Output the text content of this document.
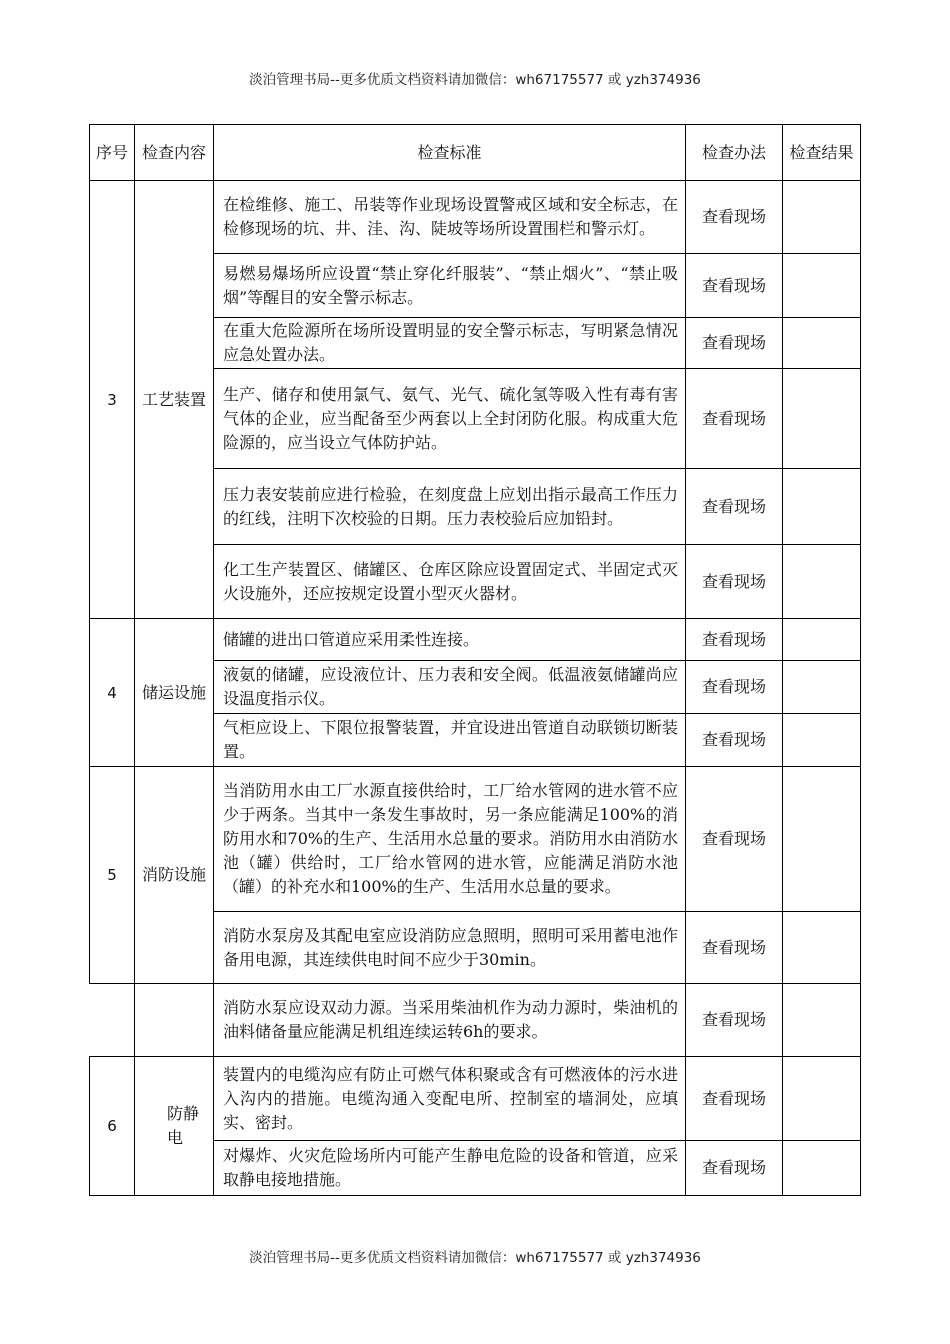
淡泊管理书局--更多优质文档资料请加微信：wh67175577 或 yzh374936
序号	检查内容	检查标准	检查办法	检查结果
3	工艺装置	在检维修、施工、吊装等作业现场设置警戒区域和安全标志，在检修现场的坑、井、洼、沟、陡坡等场所设置围栏和警示灯。	查看现场	
		易燃易爆场所应设置“禁止穿化纤服装”、“禁止烟火”、“禁止吸烟”等醒目的安全警示标志。	查看现场	
		在重大危险源所在场所设置明显的安全警示标志，写明紧急情况应急处置办法。	查看现场	
		生产、储存和使用氯气、氨气、光气、硫化氢等吸入性有毒有害气体的企业，应当配备至少两套以上全封闭防化服。构成重大危险源的，应当设立气体防护站。	查看现场	
		压力表安装前应进行检验，在刻度盘上应划出指示最高工作压力的红线，注明下次校验的日期。压力表校验后应加铅封。	查看现场	
		化工生产装置区、储罐区、仓库区除应设置固定式、半固定式灭火设施外，还应按规定设置小型灭火器材。	查看现场	
4	储运设施	储罐的进出口管道应采用柔性连接。	查看现场	
		液氨的储罐，应设液位计、压力表和安全阀。低温液氨储罐尚应设温度指示仪。	查看现场	
		气柜应设上、下限位报警装置，并宜设进出管道自动联锁切断装置。	查看现场	
5	消防设施	当消防用水由工厂水源直接供给时，工厂给水管网的进水管不应少于两条。当其中一条发生事故时，另一条应能满足100%的消防用水和70%的生产、生活用水总量的要求。消防用水由消防水池（罐）供给时，工厂给水管网的进水管，应能满足消防水池（罐）的补充水和100%的生产、生活用水总量的要求。	查看现场	
		消防水泵房及其配电室应设消防应急照明，照明可采用蓄电池作备用电源，其连续供电时间不应少于30min。	查看现场	
		消防水泵应设双动力源。当采用柴油机作为动力源时，柴油机的油料储备量应能满足机组连续运转6h的要求。	查看现场	
6	防静电	装置内的电缆沟应有防止可燃气体积聚或含有可燃液体的污水进入沟内的措施。电缆沟通入变配电所、控制室的墙洞处，应填实、密封。	查看现场	
		对爆炸、火灾危险场所内可能产生静电危险的设备和管道，应采取静电接地措施。	查看现场	
淡泊管理书局--更多优质文档资料请加微信：wh67175577 或 yzh374936
